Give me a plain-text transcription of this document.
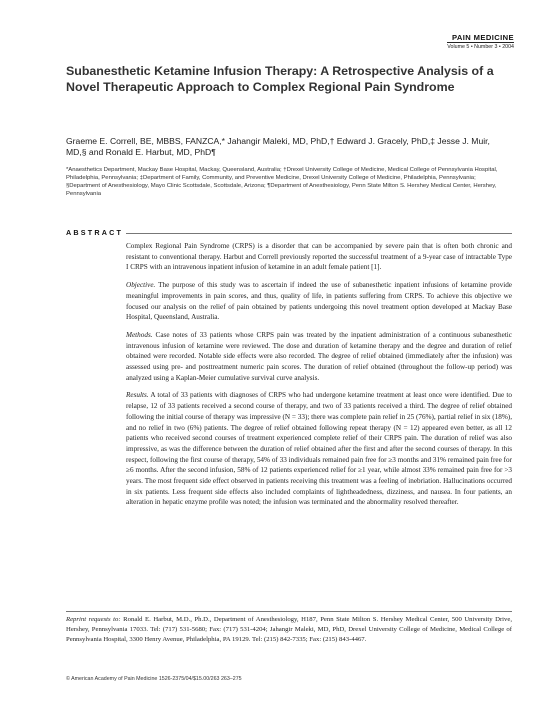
PAIN MEDICINE
Volume 5 • Number 3 • 2004
Subanesthetic Ketamine Infusion Therapy: A Retrospective Analysis of a Novel Therapeutic Approach to Complex Regional Pain Syndrome
Graeme E. Correll, BE, MBBS, FANZCA,* Jahangir Maleki, MD, PhD,† Edward J. Gracely, PhD,‡ Jesse J. Muir, MD,§ and Ronald E. Harbut, MD, PhD¶
*Anaesthetics Department, Mackay Base Hospital, Mackay, Queensland, Australia; †Drexel University College of Medicine, Medical College of Pennsylvania Hospital, Philadelphia, Pennsylvania; ‡Department of Family, Community, and Preventive Medicine, Drexel University College of Medicine, Philadelphia, Pennsylvania; §Department of Anesthesiology, Mayo Clinic Scottsdale, Scottsdale, Arizona; ¶Department of Anesthesiology, Penn State Milton S. Hershey Medical Center, Hershey, Pennsylvania
ABSTRACT

Complex Regional Pain Syndrome (CRPS) is a disorder that can be accompanied by severe pain that is often both chronic and resistant to conventional therapy. Harbut and Correll previously reported the successful treatment of a 9-year case of intractable Type I CRPS with an intravenous inpatient infusion of ketamine in an adult female patient [1].

Objective. The purpose of this study was to ascertain if indeed the use of subanesthetic inpatient infusions of ketamine provide meaningful improvements in pain scores, and thus, quality of life, in patients suffering from CRPS. To achieve this objective we focused our analysis on the relief of pain obtained by patients undergoing this novel treatment option developed at Mackay Base Hospital, Queensland, Australia.

Methods. Case notes of 33 patients whose CRPS pain was treated by the inpatient administration of a continuous subanesthetic intravenous infusion of ketamine were reviewed. The dose and duration of ketamine therapy and the degree and duration of relief obtained were recorded. Notable side effects were also recorded. The degree of relief obtained (immediately after the infusion) was assessed using pre- and posttreatment numeric pain scores. The duration of relief obtained (throughout the follow-up period) was analyzed using a Kaplan-Meier cumulative survival curve analysis.

Results. A total of 33 patients with diagnoses of CRPS who had undergone ketamine treatment at least once were identified. Due to relapse, 12 of 33 patients received a second course of therapy, and two of 33 patients received a third. The degree of relief obtained following the initial course of therapy was impressive (N = 33); there was complete pain relief in 25 (76%), partial relief in six (18%), and no relief in two (6%) patients. The degree of relief obtained following repeat therapy (N = 12) appeared even better, as all 12 patients who received second courses of treatment experienced complete relief of their CRPS pain. The duration of relief was also impressive, as was the difference between the duration of relief obtained after the first and after the second courses of therapy. In this respect, following the first course of therapy, 54% of 33 individuals remained pain free for ≥3 months and 31% remained pain free for ≥6 months. After the second infusion, 58% of 12 patients experienced relief for ≥1 year, while almost 33% remained pain free for >3 years. The most frequent side effect observed in patients receiving this treatment was a feeling of inebriation. Hallucinations occurred in six patients. Less frequent side effects also included complaints of lightheadedness, dizziness, and nausea. In four patients, an alteration in hepatic enzyme profile was noted; the infusion was terminated and the abnormality resolved thereafter.

Reprint requests to: Ronald E. Harbut, M.D., Ph.D., Department of Anesthesiology, H187, Penn State Milton S. Hershey Medical Center, 500 University Drive, Hershey, Pennsylvania 17033. Tel: (717) 531-5680; Fax: (717) 531-4204; Jahangir Maleki, MD, PhD, Drexel University College of Medicine, Medical College of Pennsylvania Hospital, 3300 Henry Avenue, Philadelphia, PA 19129. Tel: (215) 842-7335; Fax: (215) 843-4467.
© American Academy of Pain Medicine 1526-2375/04/$15.00/263 263–275
